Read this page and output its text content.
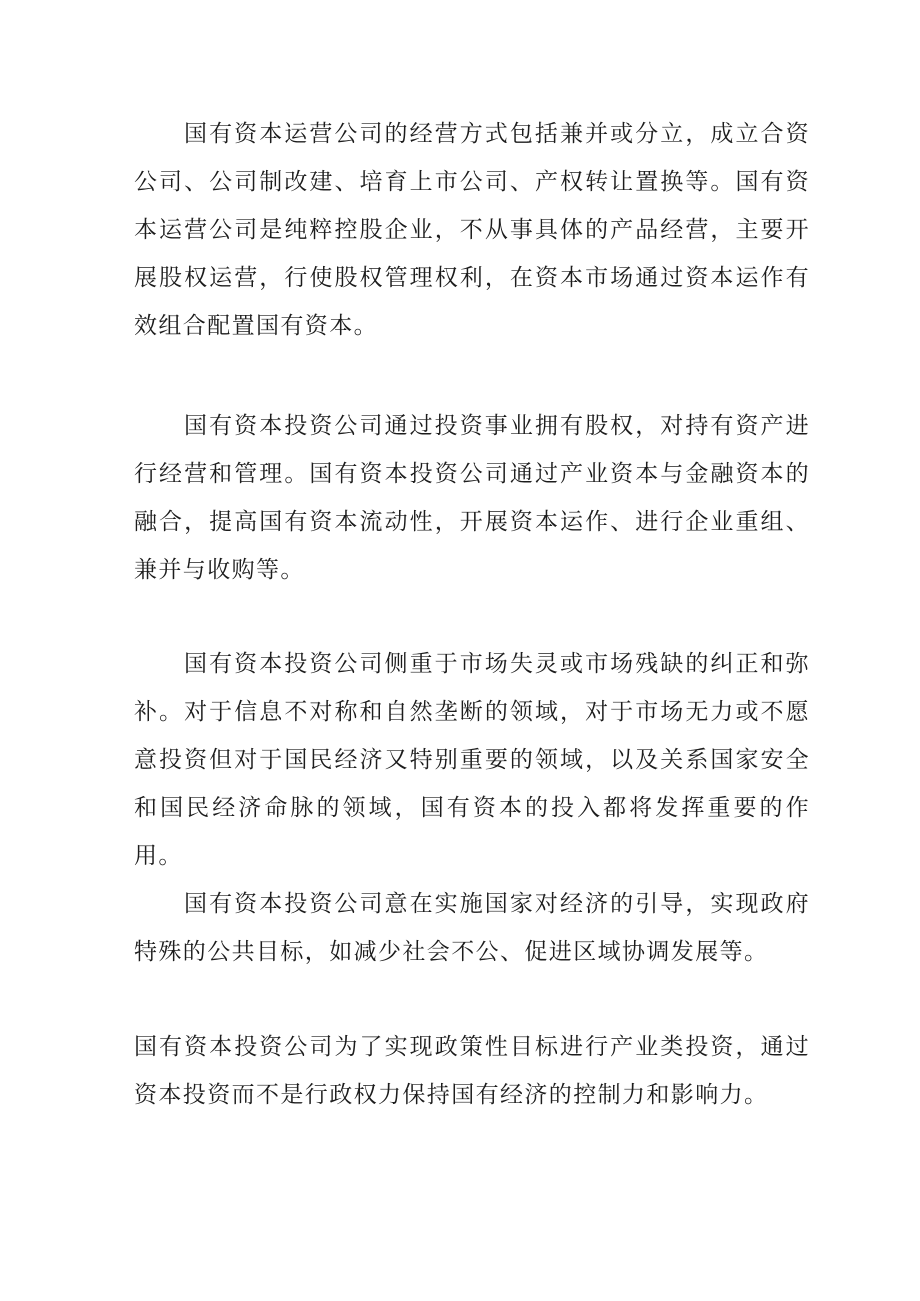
国有资本运营公司的经营方式包括兼并或分立，成立合资公司、公司制改建、培育上市公司、产权转让置换等。国有资本运营公司是纯粹控股企业，不从事具体的产品经营，主要开展股权运营，行使股权管理权利，在资本市场通过资本运作有效组合配置国有资本。

国有资本投资公司通过投资事业拥有股权，对持有资产进行经营和管理。国有资本投资公司通过产业资本与金融资本的融合，提高国有资本流动性，开展资本运作、进行企业重组、兼并与收购等。

国有资本投资公司侧重于市场失灵或市场残缺的纠正和弥补。对于信息不对称和自然垄断的领域，对于市场无力或不愿意投资但对于国民经济又特别重要的领域，以及关系国家安全和国民经济命脉的领域，国有资本的投入都将发挥重要的作用。

国有资本投资公司意在实施国家对经济的引导，实现政府特殊的公共目标，如减少社会不公、促进区域协调发展等。

国有资本投资公司为了实现政策性目标进行产业类投资，通过资本投资而不是行政权力保持国有经济的控制力和影响力。
